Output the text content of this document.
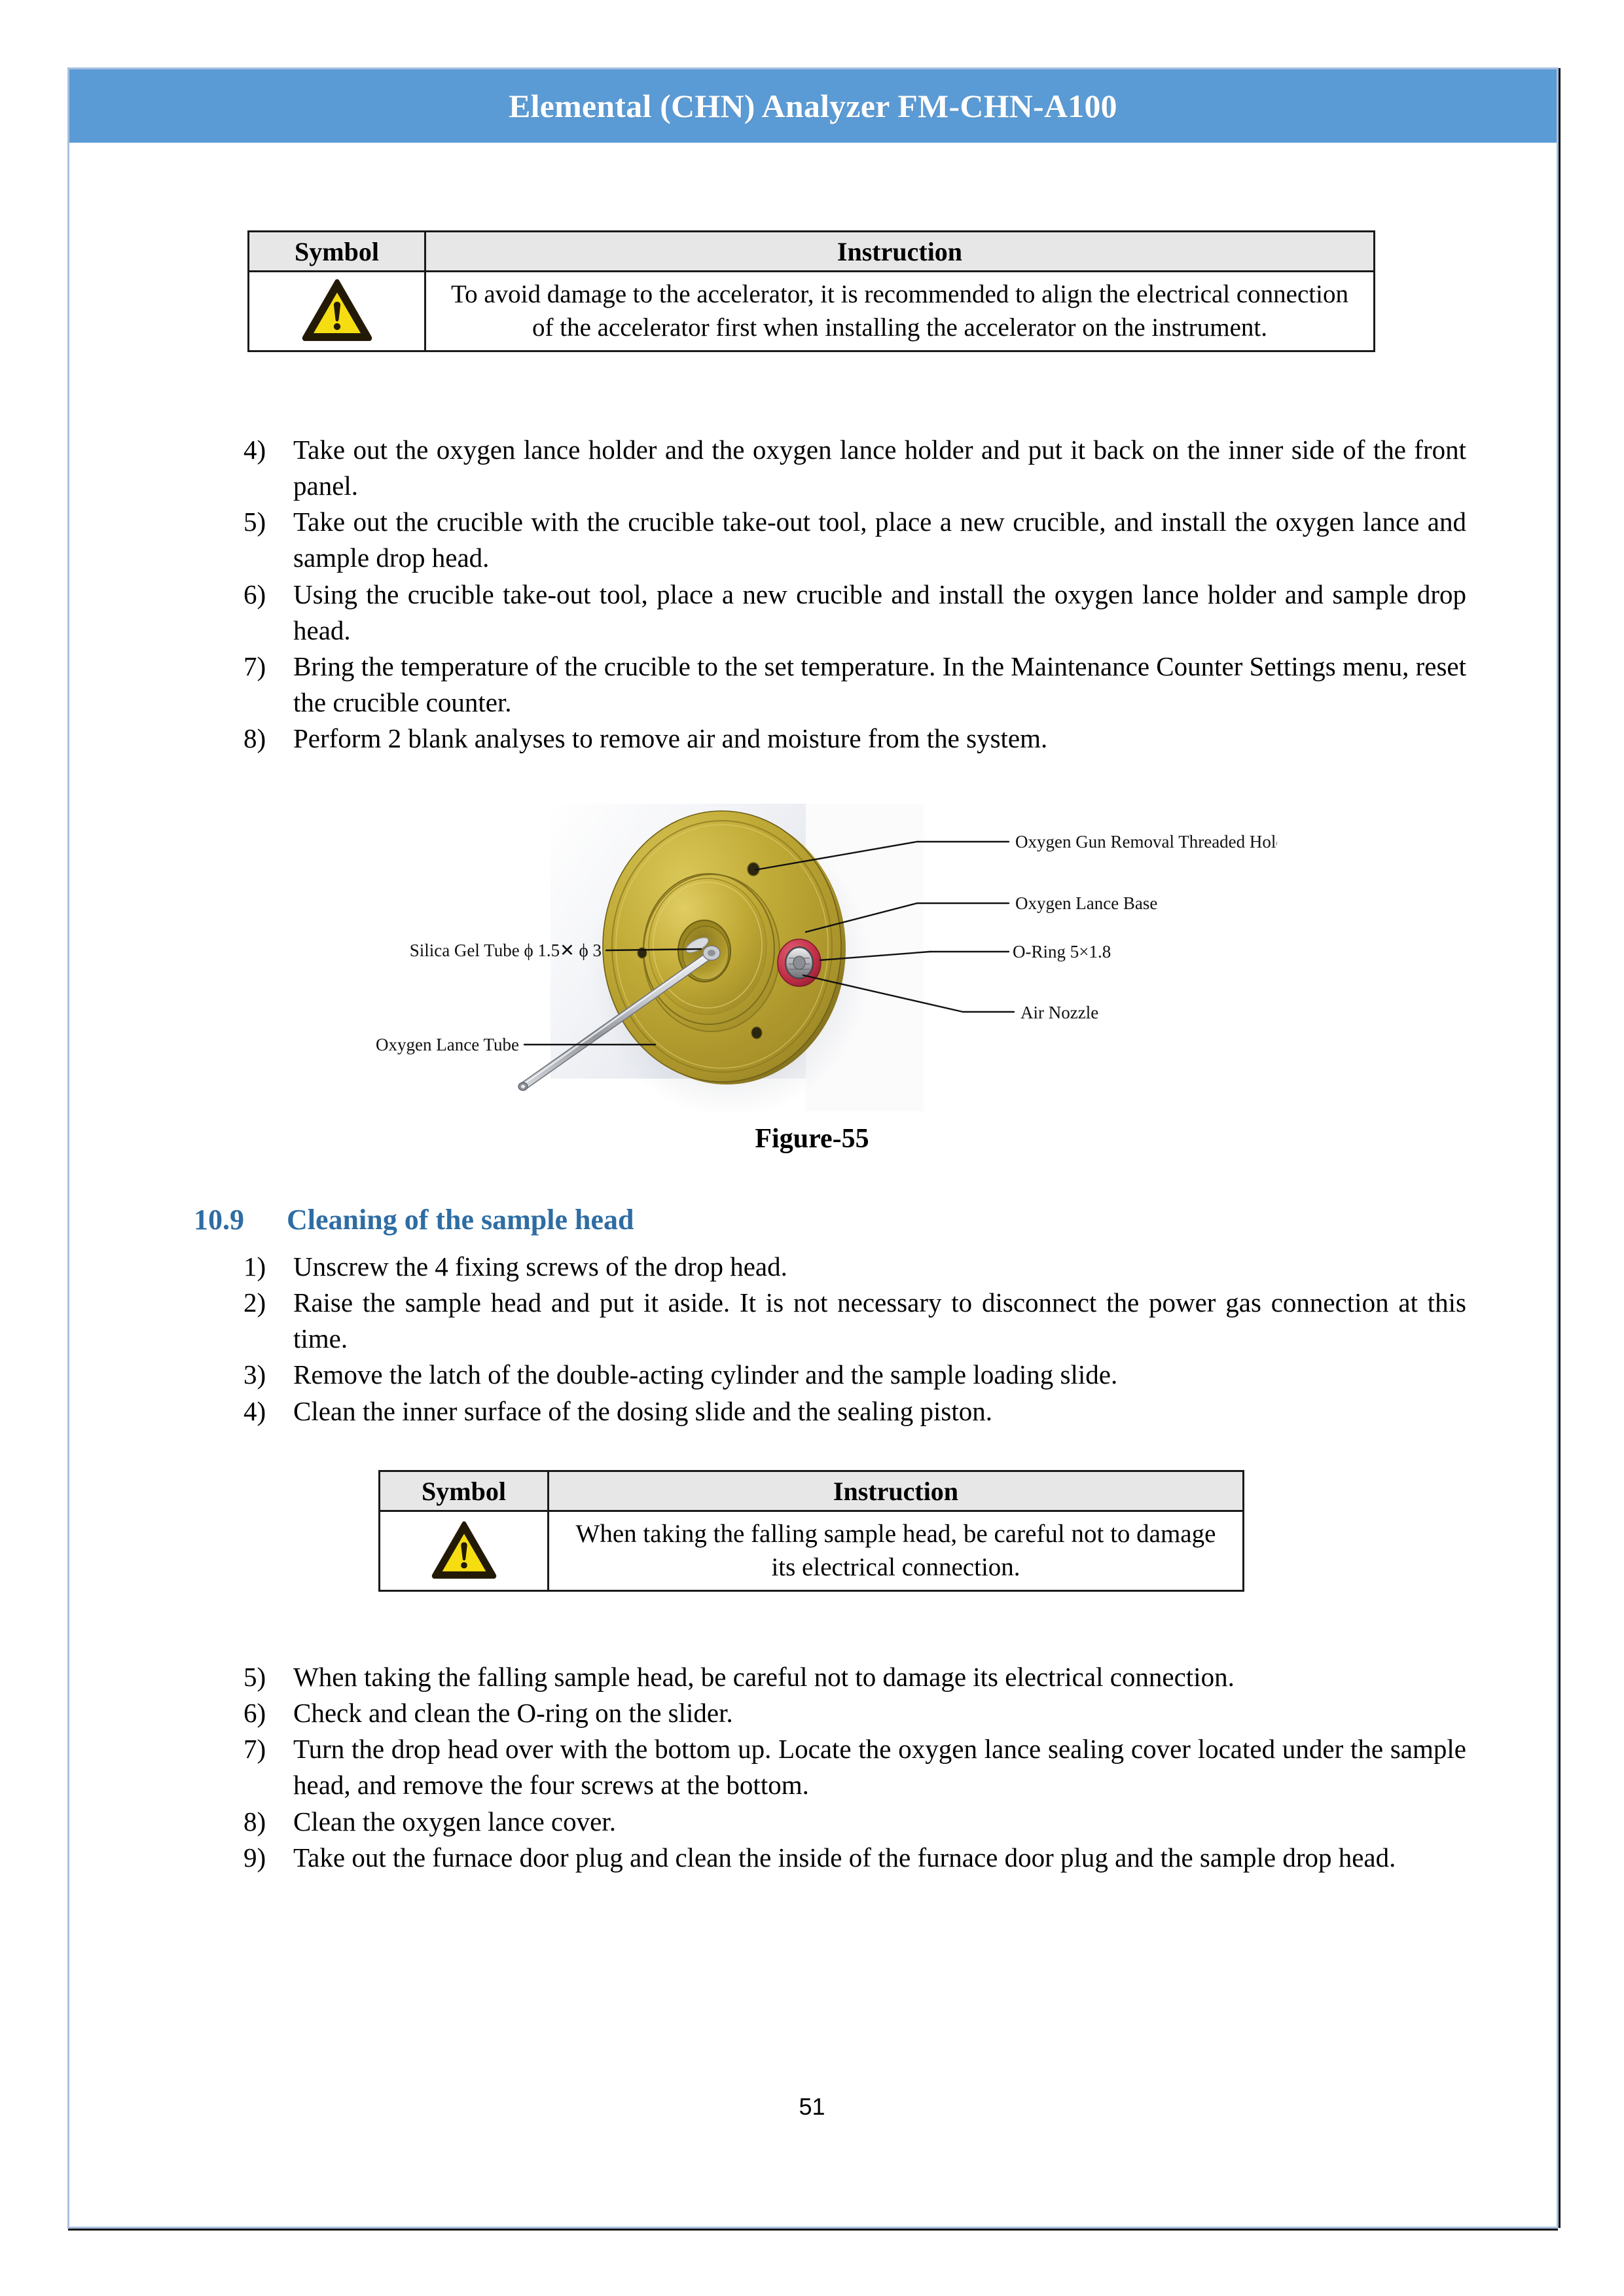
Elemental (CHN) Analyzer FM-CHN-A100
Symbol	Instruction
	To avoid damage to the accelerator, it is recommended to align the electrical connection of the accelerator first when installing the accelerator on the instrument.
4)	Take out the oxygen lance holder and the oxygen lance holder and put it back on the inner side of the front panel.
5)	Take out the crucible with the crucible take-out tool, place a new crucible, and install the oxygen lance and sample drop head.
6)	Using the crucible take-out tool, place a new crucible and install the oxygen lance holder and sample drop head.
7)	Bring the temperature of the crucible to the set temperature. In the Maintenance Counter Settings menu, reset the crucible counter.
8)	Perform 2 blank analyses to remove air and moisture from the system.
Oxygen Gun Removal Threaded Hole
Oxygen Lance Base
O-Ring 5×1.8
Air Nozzle
Silica Gel Tube ϕ 1.5✕ ϕ 3
Oxygen Lance Tube
Figure-55
10.9 Cleaning of the sample head
1)	Unscrew the 4 fixing screws of the drop head.
2)	Raise the sample head and put it aside. It is not necessary to disconnect the power gas connection at this time.
3)	Remove the latch of the double-acting cylinder and the sample loading slide.
4)	Clean the inner surface of the dosing slide and the sealing piston.
Symbol	Instruction
	When taking the falling sample head, be careful not to damage its electrical connection.
5)	When taking the falling sample head, be careful not to damage its electrical connection.
6)	Check and clean the O-ring on the slider.
7)	Turn the drop head over with the bottom up. Locate the oxygen lance sealing cover located under the sample head, and remove the four screws at the bottom.
8)	Clean the oxygen lance cover.
9)	Take out the furnace door plug and clean the inside of the furnace door plug and the sample drop head.
51
